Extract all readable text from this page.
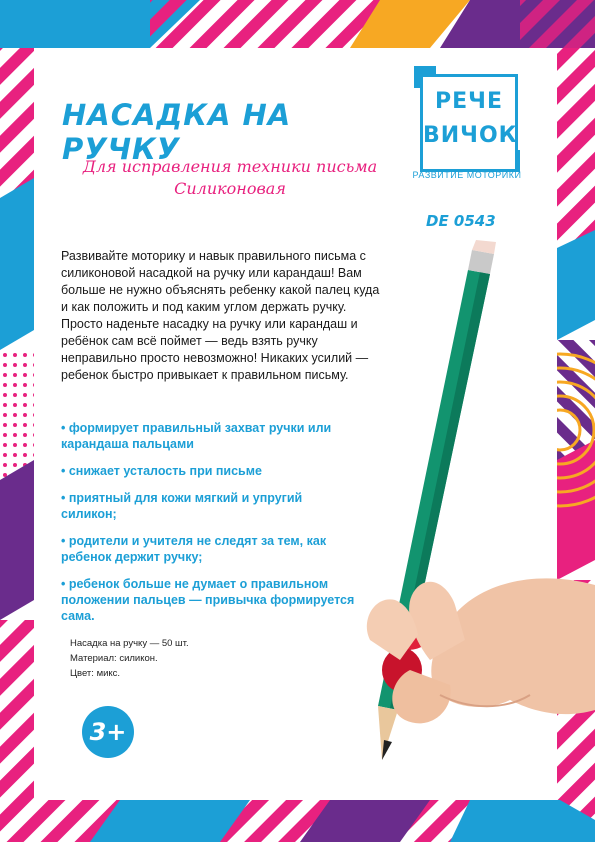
НАСАДКА НА РУЧКУ
Для исправления техники письма
Силиконовая
РЕЧЕ
ВИЧОК
РАЗВИТИЕ МОТОРИКИ
DE 0543

Развивайте моторику и навык правильного письма с силиконовой насадкой на ручку или карандаш! Вам больше не нужно объяснять ребенку какой палец куда и как положить и под каким углом держать ручку. Просто наденьте насадку на ручку или карандаш и ребёнок сам всё поймет — ведь взять ручку неправильно просто невозможно! Никаких усилий — ребенок быстро привыкает к правильном письму.

• формирует правильный захват ручки или карандаша пальцами
• снижает усталость при письме
• приятный для кожи мягкий и упругий силикон;
• родители и учителя не следят за тем, как ребенок держит ручку;
• ребенок больше не думает о правильном положении пальцев — привычка формируется сама.
Насадка на ручку — 50 шт.
Материал: силикон.
Цвет: микс.
3+
